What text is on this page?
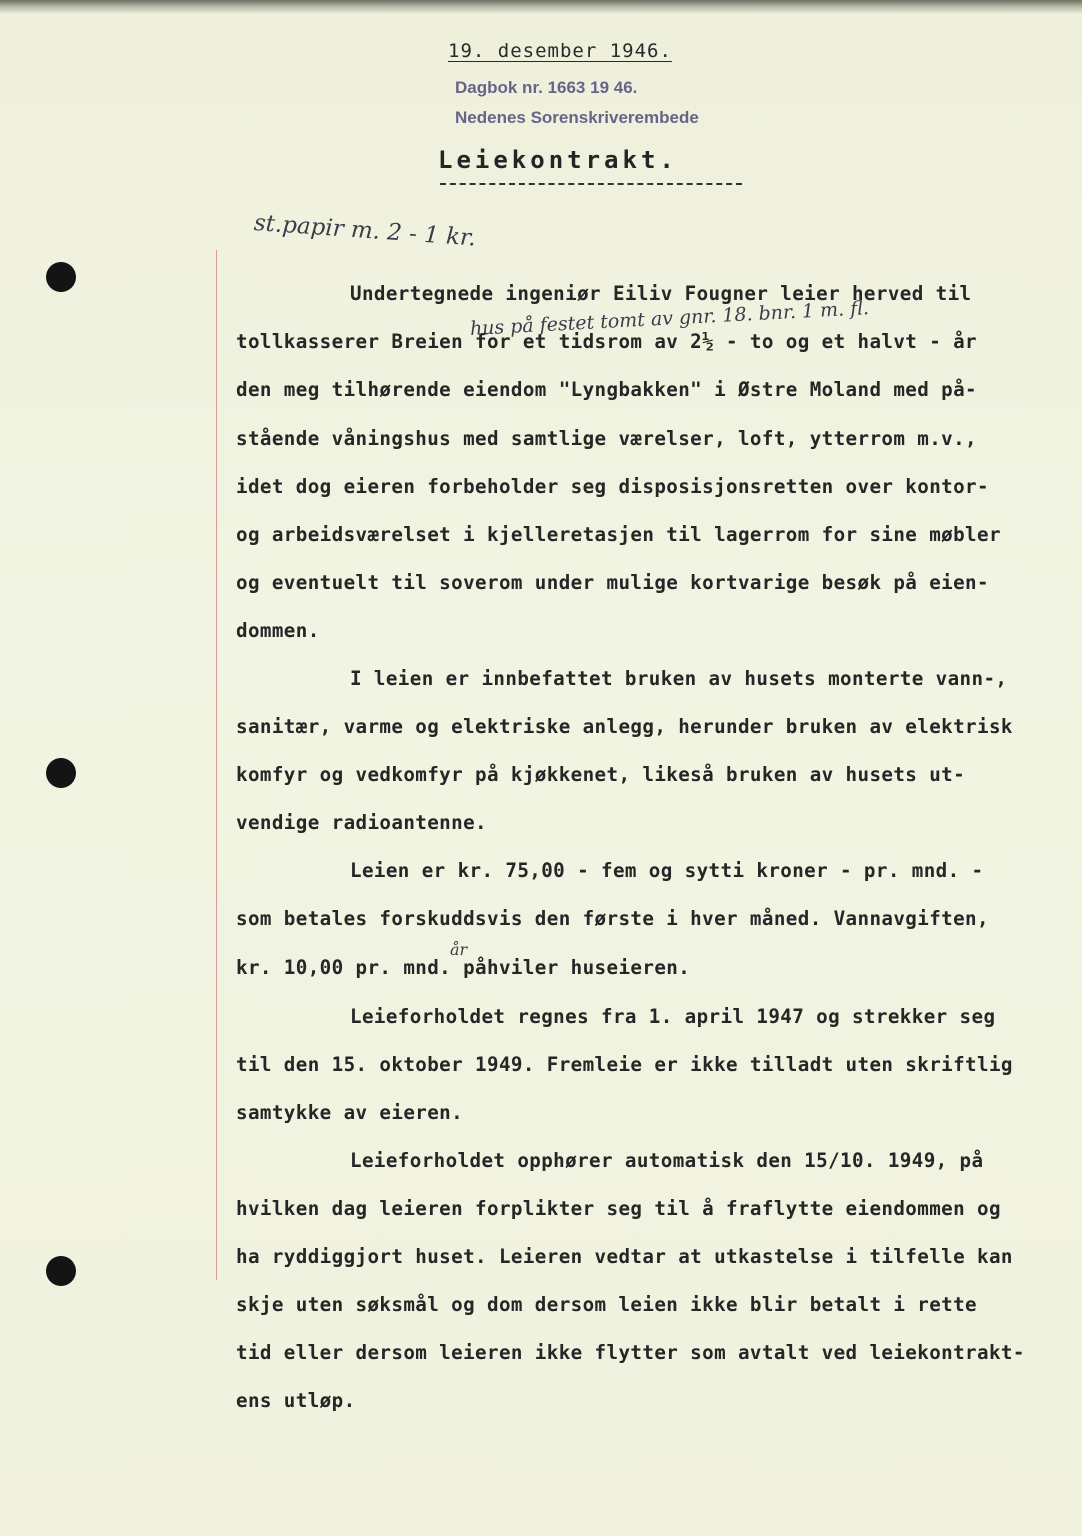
19. desember 1946.
Dagbok nr. 1663 19 46.
Nedenes Sorenskriverembede
Leiekontrakt.
st.papir m. 2 - 1 kr.
hus på festet tomt av gnr. 18. bnr. 1 m. fl.
år
Undertegnede ingeniør Eiliv Fougner leier herved til
tollkasserer Breien for et tidsrom av 2½ - to og et halvt - år
den meg tilhørende eiendom "Lyngbakken" i Østre Moland med på-
stående våningshus med samtlige værelser, loft, ytterrom m.v.,
idet dog eieren forbeholder seg disposisjonsretten over kontor-
og arbeidsværelset i kjelleretasjen til lagerrom for sine møbler
og eventuelt til soverom under mulige kortvarige besøk på eien-
dommen.
I leien er innbefattet bruken av husets monterte vann-,
sanitær, varme og elektriske anlegg, herunder bruken av elektrisk
komfyr og vedkomfyr på kjøkkenet, likeså bruken av husets ut-
vendige radioantenne.
Leien er kr. 75,00 - fem og sytti kroner - pr. mnd. -
som betales forskuddsvis den første i hver måned. Vannavgiften,
kr. 10,00 pr. mnd. påhviler huseieren.
Leieforholdet regnes fra 1. april 1947 og strekker seg
til den 15. oktober 1949. Fremleie er ikke tilladt uten skriftlig
samtykke av eieren.
Leieforholdet opphører automatisk den 15/10. 1949, på
hvilken dag leieren forplikter seg til å fraflytte eiendommen og
ha ryddiggjort huset. Leieren vedtar at utkastelse i tilfelle kan
skje uten søksmål og dom dersom leien ikke blir betalt i rette
tid eller dersom leieren ikke flytter som avtalt ved leiekontrakt-
ens utløp.
